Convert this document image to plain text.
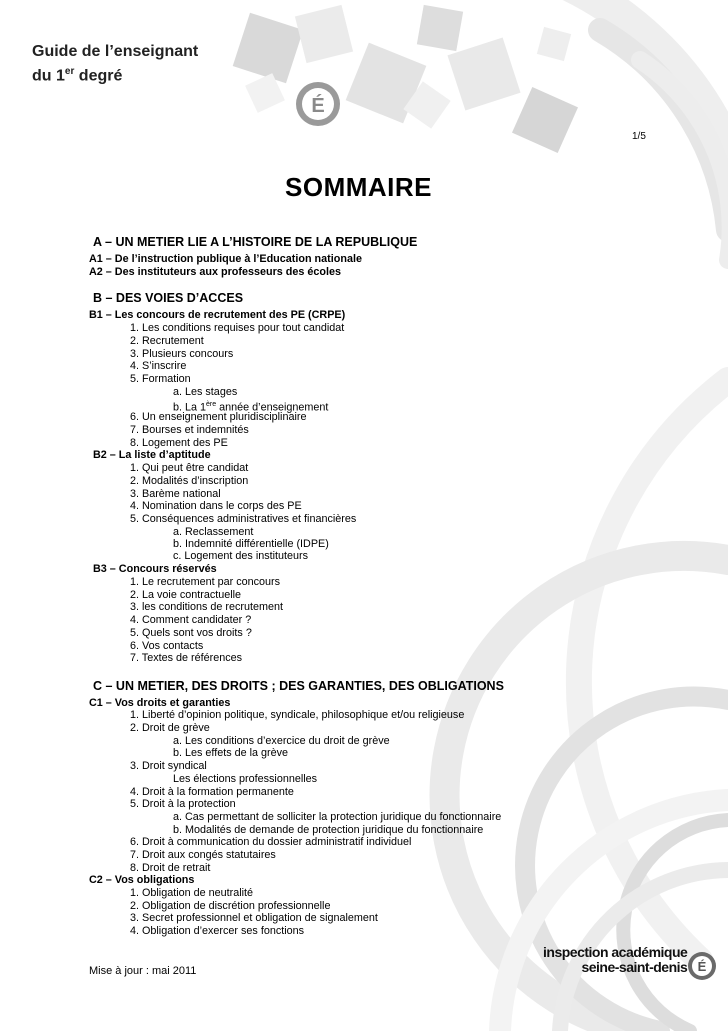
É
Guide de l’enseignant
du 1er degré
1/5
SOMMAIRE
A – UN METIER LIE A L’HISTOIRE DE LA REPUBLIQUE
A1 – De l’instruction publique à l’Education nationale
A2 – Des instituteurs aux professeurs des écoles
B – DES VOIES D’ACCES
B1 – Les concours de recrutement des PE (CRPE)
1. Les conditions requises pour tout candidat
2. Recrutement
3. Plusieurs concours
4. S’inscrire
5. Formation
a. Les stages
b. La 1ère année d’enseignement
6. Un enseignement pluridisciplinaire
7. Bourses et indemnités
8. Logement des PE
B2 – La liste d’aptitude
1. Qui peut être candidat
2. Modalités d’inscription
3. Barème national
4. Nomination dans le corps des PE
5. Conséquences administratives et financières
a. Reclassement
b. Indemnité différentielle (IDPE)
c. Logement des instituteurs
B3 – Concours réservés
1. Le recrutement par concours
2. La voie contractuelle
3. les conditions de recrutement
4. Comment candidater ?
5. Quels sont vos droits ?
6. Vos contacts
7. Textes de références
C – UN METIER, DES DROITS ; DES GARANTIES, DES OBLIGATIONS
C1 – Vos droits et garanties
1. Liberté d’opinion politique, syndicale, philosophique et/ou religieuse
2. Droit de grève
a. Les conditions d’exercice du droit de grève
b. Les effets de la grève
3. Droit syndical
Les élections professionnelles
4. Droit à la formation permanente
5. Droit à la protection
a. Cas permettant de solliciter la protection juridique du fonctionnaire
b. Modalités de demande de protection juridique du fonctionnaire
6. Droit à communication du dossier administratif individuel
7. Droit aux congés statutaires
8. Droit de retrait
C2 – Vos obligations
1. Obligation de neutralité
2. Obligation de discrétion professionnelle
3. Secret professionnel et obligation de signalement
4. Obligation d’exercer ses fonctions
Mise à jour : mai 2011
inspection académique
seine-saint-denis É
